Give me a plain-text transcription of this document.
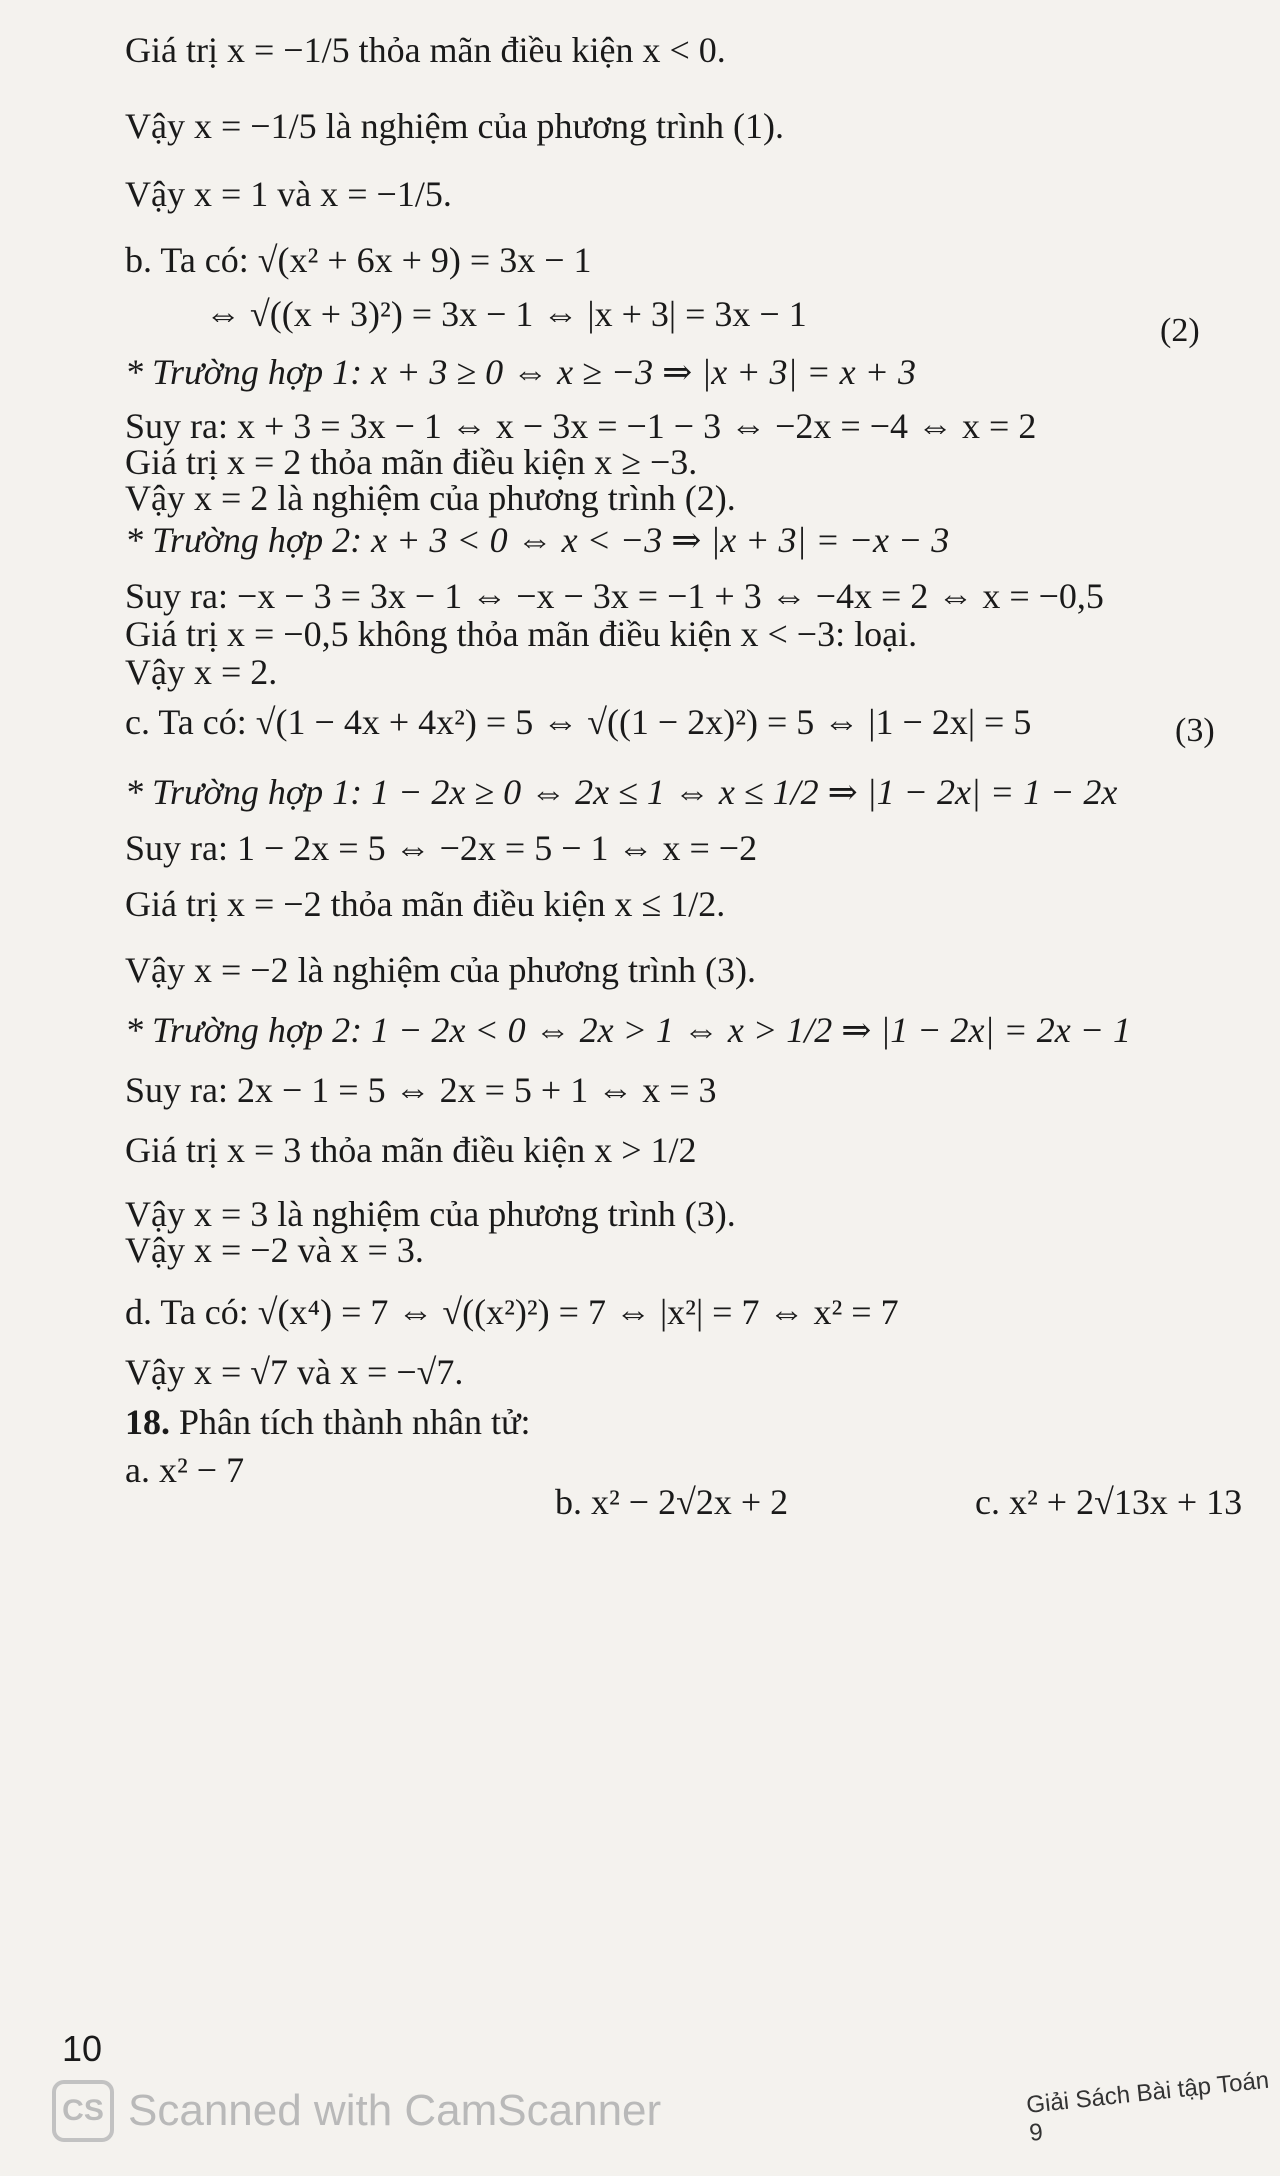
Giá trị x = −1/5 thỏa mãn điều kiện x < 0.
Vậy x = −1/5 là nghiệm của phương trình (1).
Vậy x = 1 và x = −1/5.
b. Ta có: √(x² + 6x + 9) = 3x − 1
⇔ √((x + 3)²) = 3x − 1 ⇔ |x + 3| = 3x − 1	(2)
* Trường hợp 1: x + 3 ≥ 0 ⇔ x ≥ −3 ⇒ |x + 3| = x + 3
Suy ra: x + 3 = 3x − 1 ⇔ x − 3x = −1 − 3 ⇔ −2x = −4 ⇔ x = 2
Giá trị x = 2 thỏa mãn điều kiện x ≥ −3.
Vậy x = 2 là nghiệm của phương trình (2).
* Trường hợp 2: x + 3 < 0 ⇔ x < −3 ⇒ |x + 3| = −x − 3
Suy ra: −x − 3 = 3x − 1 ⇔ −x − 3x = −1 + 3 ⇔ −4x = 2 ⇔ x = −0,5
Giá trị x = −0,5 không thỏa mãn điều kiện x < −3: loại.
Vậy x = 2.
c. Ta có: √(1 − 4x + 4x²) = 5 ⇔ √((1 − 2x)²) = 5 ⇔ |1 − 2x| = 5	(3)
* Trường hợp 1: 1 − 2x ≥ 0 ⇔ 2x ≤ 1 ⇔ x ≤ 1/2 ⇒ |1 − 2x| = 1 − 2x
Suy ra: 1 − 2x = 5 ⇔ −2x = 5 − 1 ⇔ x = −2
Giá trị x = −2 thỏa mãn điều kiện x ≤ 1/2.
Vậy x = −2 là nghiệm của phương trình (3).
* Trường hợp 2: 1 − 2x < 0 ⇔ 2x > 1 ⇔ x > 1/2 ⇒ |1 − 2x| = 2x − 1
Suy ra: 2x − 1 = 5 ⇔ 2x = 5 + 1 ⇔ x = 3
Giá trị x = 3 thỏa mãn điều kiện x > 1/2
Vậy x = 3 là nghiệm của phương trình (3).
Vậy x = −2 và x = 3.
d. Ta có: √(x⁴) = 7 ⇔ √((x²)²) = 7 ⇔ |x²| = 7 ⇔ x² = 7
Vậy x = √7 và x = −√7.
18. Phân tích thành nhân tử:
a. x² − 7
b. x² − 2√2x + 2	c. x² + 2√13x + 13
10
CS Scanned with CamScanner	Giải Sách Bài tập Toán 9
